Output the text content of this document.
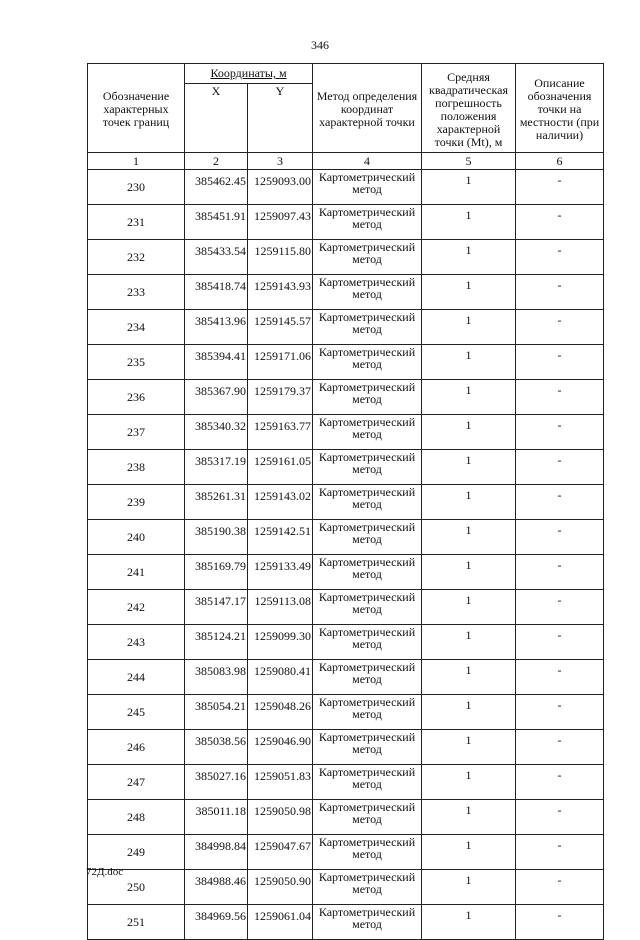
346
Обозначение характерных точек границ	Координаты, м		Метод определения координат характерной точки	Средняя квадратическая погрешность положения характерной точки (Mt), м	Описание обозначения точки на местности (при наличии)
	X	Y			
1	2	3	4	5	6
230	385462.45	1259093.00	Картометрический метод	1	-
231	385451.91	1259097.43	Картометрический метод	1	-
232	385433.54	1259115.80	Картометрический метод	1	-
233	385418.74	1259143.93	Картометрический метод	1	-
234	385413.96	1259145.57	Картометрический метод	1	-
235	385394.41	1259171.06	Картометрический метод	1	-
236	385367.90	1259179.37	Картометрический метод	1	-
237	385340.32	1259163.77	Картометрический метод	1	-
238	385317.19	1259161.05	Картометрический метод	1	-
239	385261.31	1259143.02	Картометрический метод	1	-
240	385190.38	1259142.51	Картометрический метод	1	-
241	385169.79	1259133.49	Картометрический метод	1	-
242	385147.17	1259113.08	Картометрический метод	1	-
243	385124.21	1259099.30	Картометрический метод	1	-
244	385083.98	1259080.41	Картометрический метод	1	-
245	385054.21	1259048.26	Картометрический метод	1	-
246	385038.56	1259046.90	Картометрический метод	1	-
247	385027.16	1259051.83	Картометрический метод	1	-
248	385011.18	1259050.98	Картометрический метод	1	-
249	384998.84	1259047.67	Картометрический метод	1	-
250	384988.46	1259050.90	Картометрический метод	1	-
251	384969.56	1259061.04	Картометрический метод	1	-
72Д.doc
